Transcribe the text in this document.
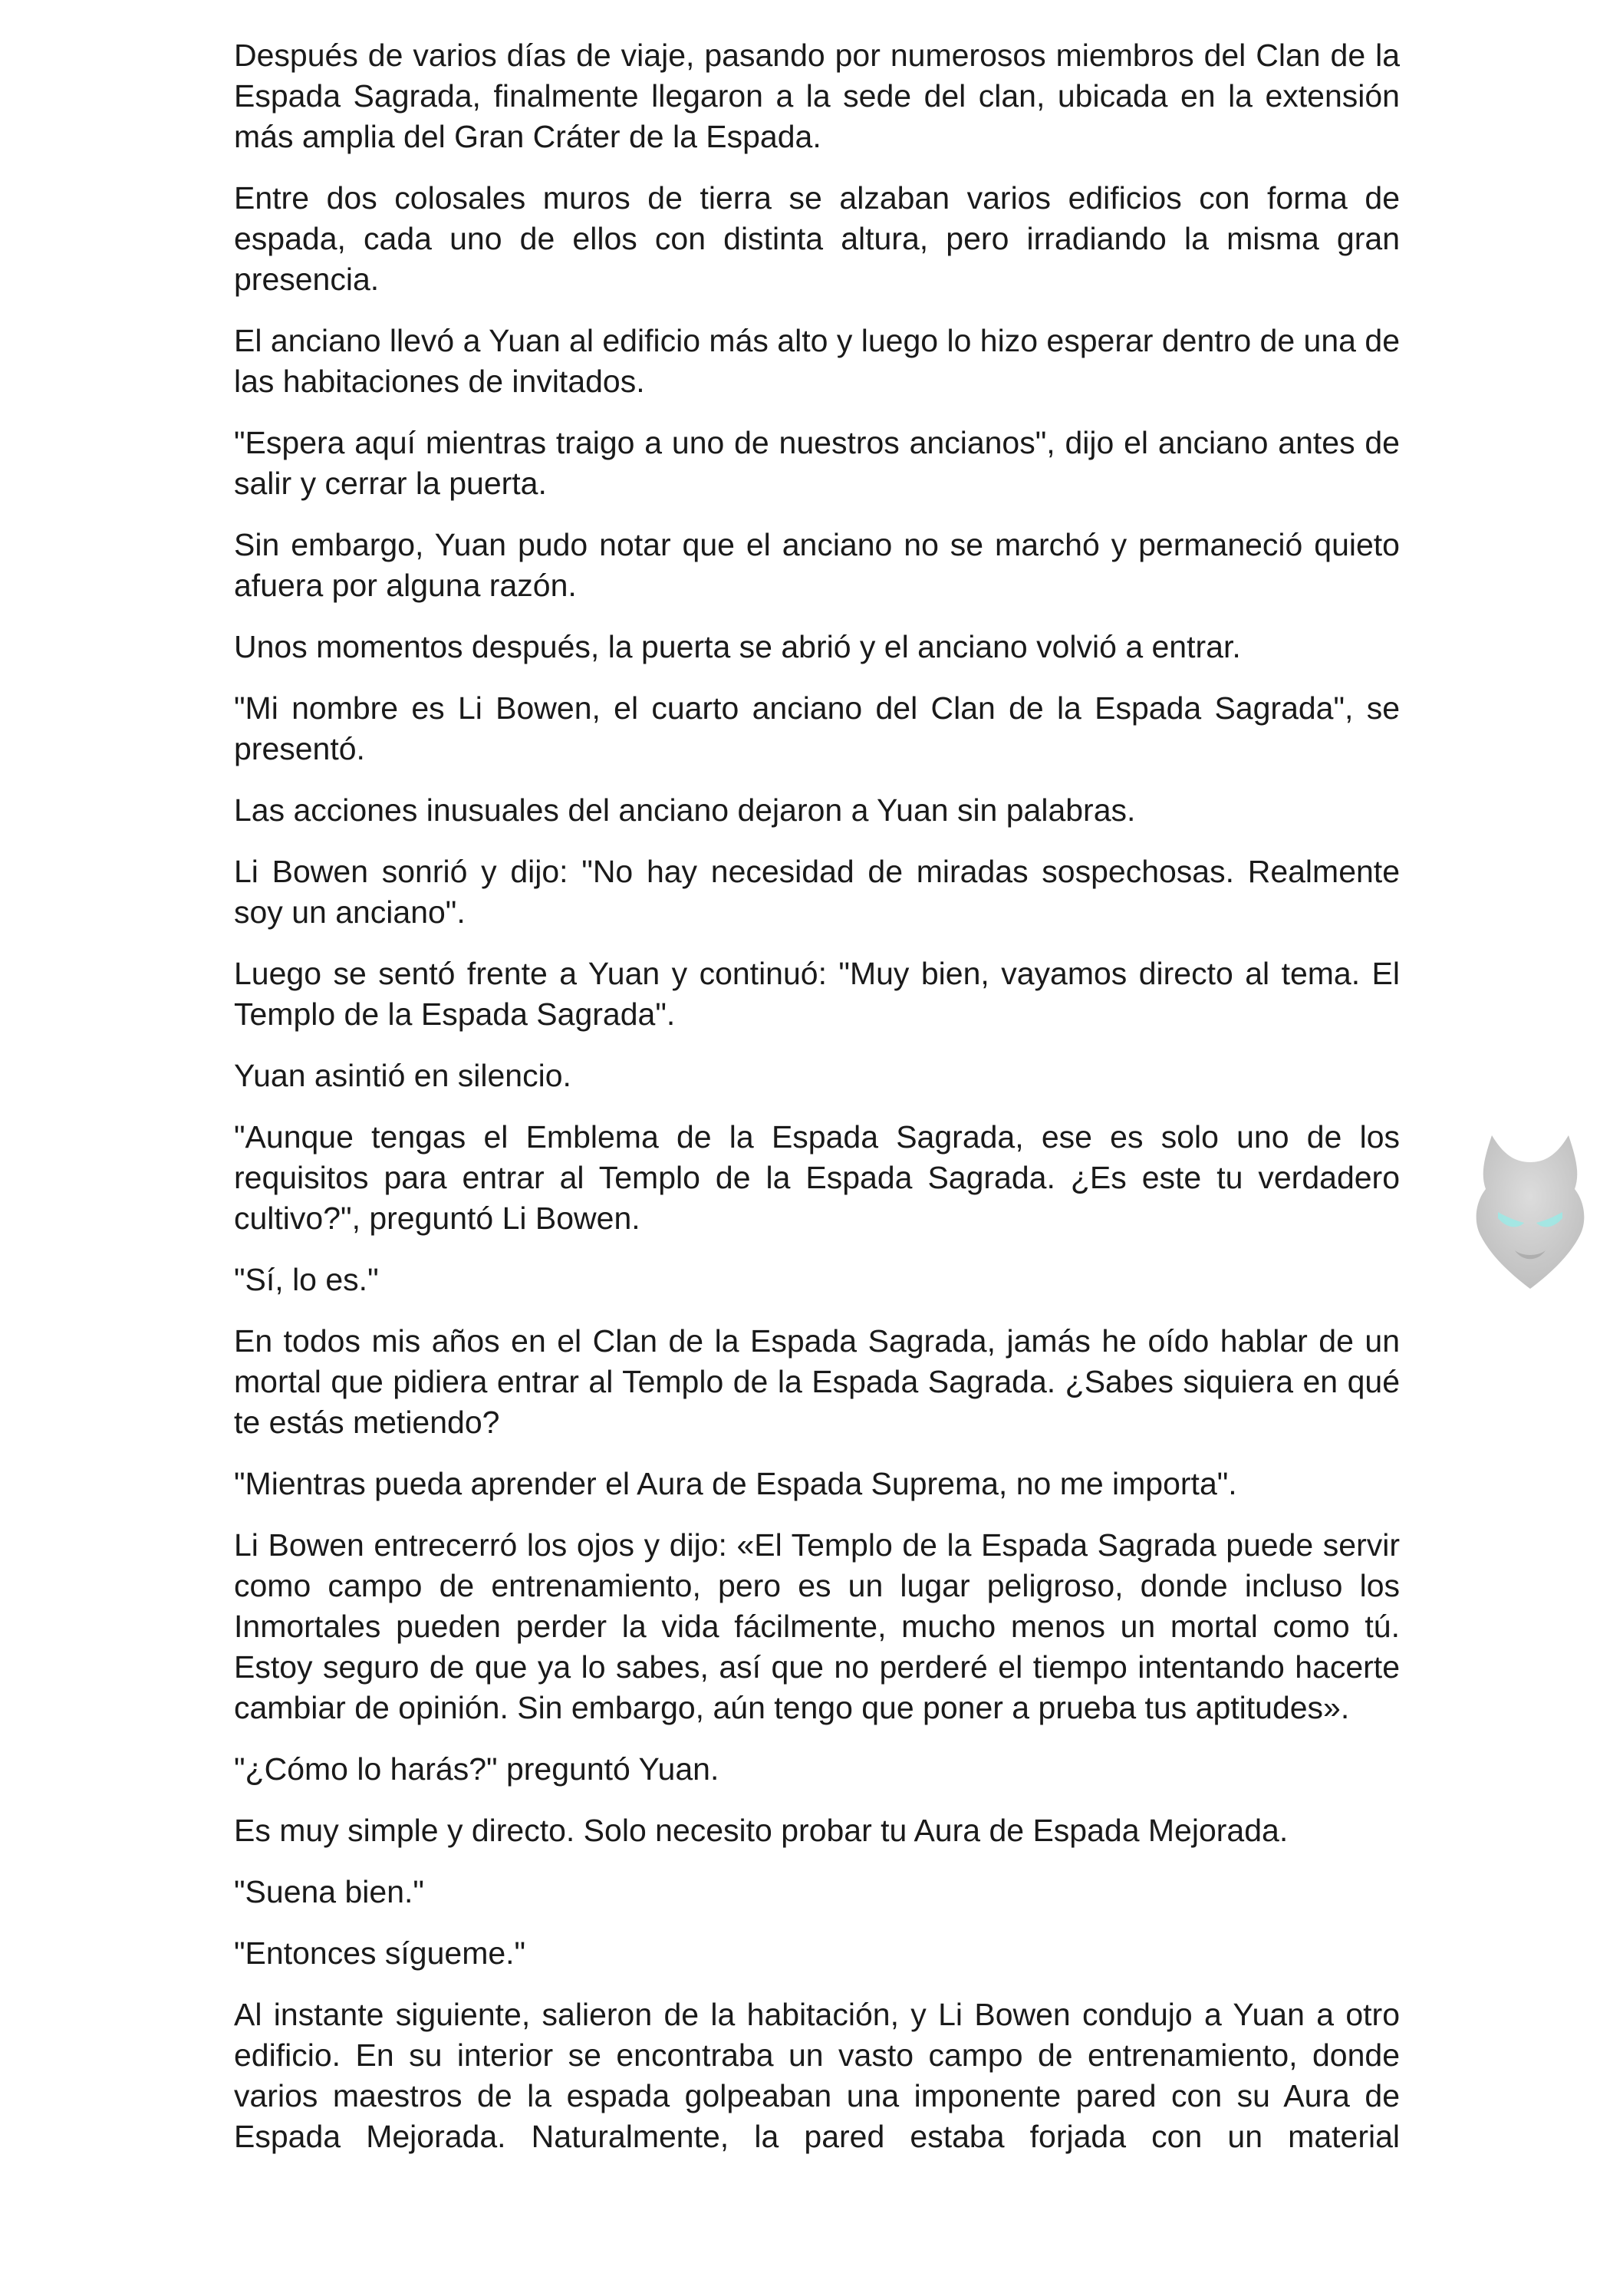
Después de varios días de viaje, pasando por numerosos miembros del Clan de la Espada Sagrada, finalmente llegaron a la sede del clan, ubicada en la extensión más amplia del Gran Cráter de la Espada.

Entre dos colosales muros de tierra se alzaban varios edificios con forma de espada, cada uno de ellos con distinta altura, pero irradiando la misma gran presencia.

El anciano llevó a Yuan al edificio más alto y luego lo hizo esperar dentro de una de las habitaciones de invitados.

"Espera aquí mientras traigo a uno de nuestros ancianos", dijo el anciano antes de salir y cerrar la puerta.

Sin embargo, Yuan pudo notar que el anciano no se marchó y permaneció quieto afuera por alguna razón.

Unos momentos después, la puerta se abrió y el anciano volvió a entrar.

"Mi nombre es Li Bowen, el cuarto anciano del Clan de la Espada Sagrada", se presentó.

Las acciones inusuales del anciano dejaron a Yuan sin palabras.

Li Bowen sonrió y dijo: "No hay necesidad de miradas sospechosas. Realmente soy un anciano".

Luego se sentó frente a Yuan y continuó: "Muy bien, vayamos directo al tema. El Templo de la Espada Sagrada".

Yuan asintió en silencio.

"Aunque tengas el Emblema de la Espada Sagrada, ese es solo uno de los requisitos para entrar al Templo de la Espada Sagrada. ¿Es este tu verdadero cultivo?", preguntó Li Bowen.

"Sí, lo es."

En todos mis años en el Clan de la Espada Sagrada, jamás he oído hablar de un mortal que pidiera entrar al Templo de la Espada Sagrada. ¿Sabes siquiera en qué te estás metiendo?

"Mientras pueda aprender el Aura de Espada Suprema, no me importa".

Li Bowen entrecerró los ojos y dijo: «El Templo de la Espada Sagrada puede servir como campo de entrenamiento, pero es un lugar peligroso, donde incluso los Inmortales pueden perder la vida fácilmente, mucho menos un mortal como tú. Estoy seguro de que ya lo sabes, así que no perderé el tiempo intentando hacerte cambiar de opinión. Sin embargo, aún tengo que poner a prueba tus aptitudes».

"¿Cómo lo harás?" preguntó Yuan.

Es muy simple y directo. Solo necesito probar tu Aura de Espada Mejorada.

"Suena bien."

"Entonces sígueme."

Al instante siguiente, salieron de la habitación, y Li Bowen condujo a Yuan a otro edificio. En su interior se encontraba un vasto campo de entrenamiento, donde varios maestros de la espada golpeaban una imponente pared con su Aura de Espada Mejorada. Naturalmente, la pared estaba forjada con un material
